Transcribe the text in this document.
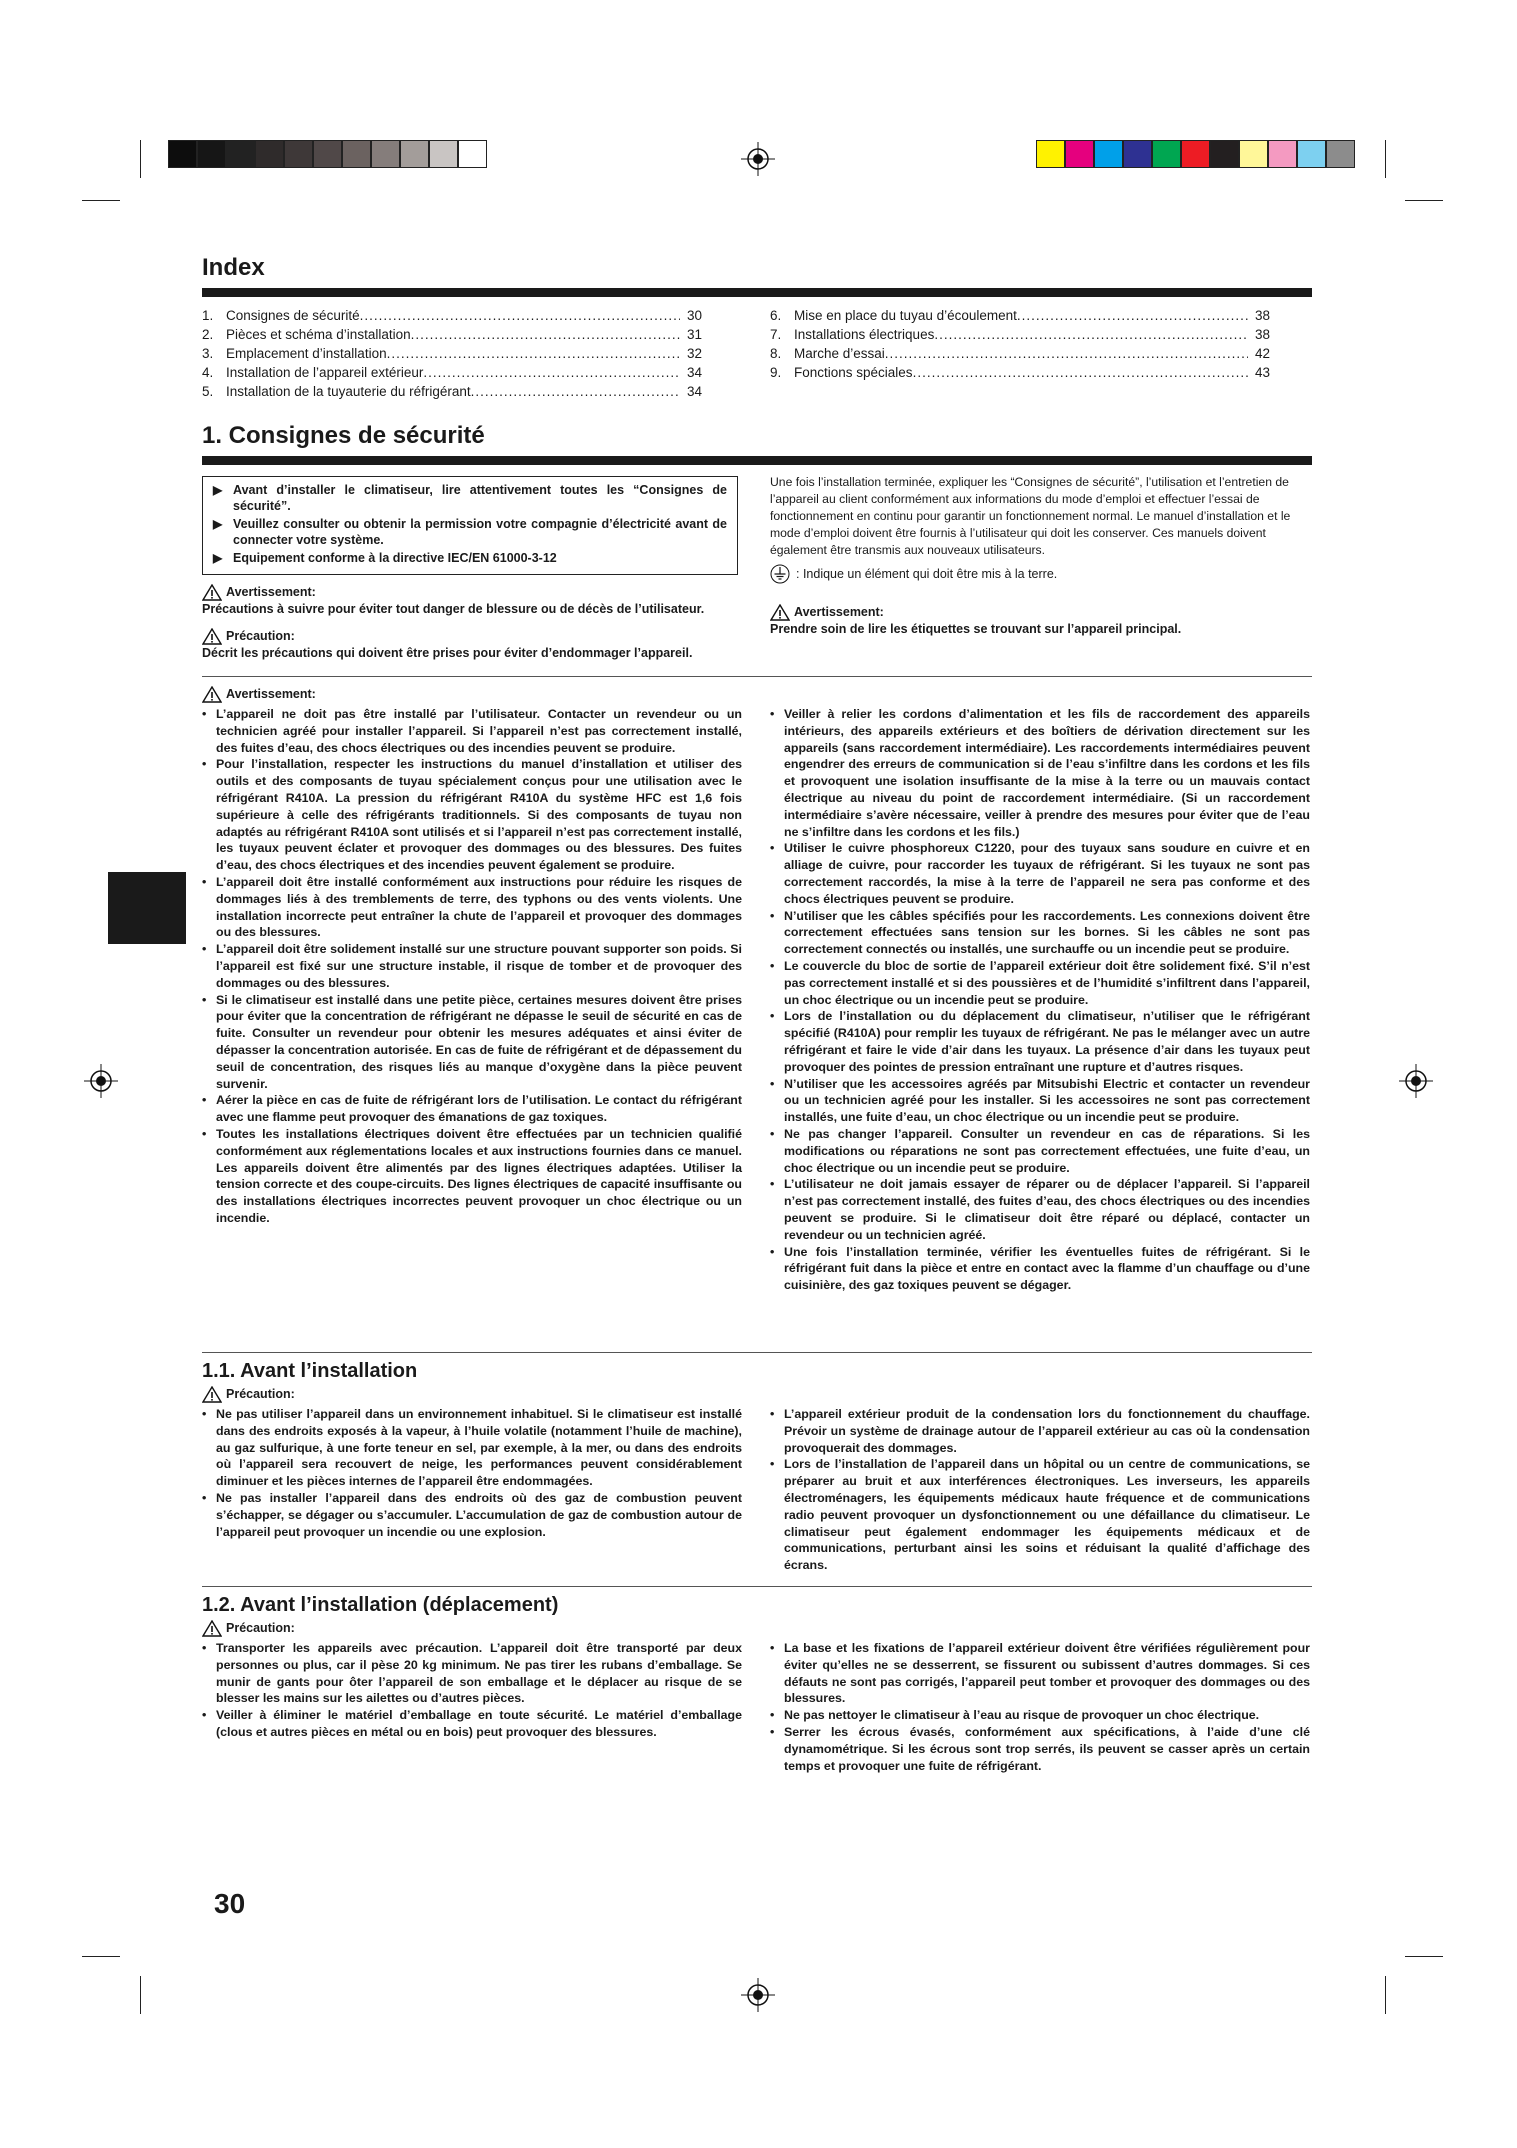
Index
1. Consignes de sécurité .....	30
2. Pièces et schéma d’installation .....	31
3. Emplacement d’installation .....	32
4. Installation de l’appareil extérieur .....	34
5. Installation de la tuyauterie du réfrigérant .....	34
6. Mise en place du tuyau d’écoulement .....	38
7. Installations électriques .....	38
8. Marche d’essai .....	42
9. Fonctions spéciales .....	43
1. Consignes de sécurité
▶ Avant d’installer le climatiseur, lire attentivement toutes les “Consignes de sécurité”.
▶ Veuillez consulter ou obtenir la permission votre compagnie d’électricité avant de connecter votre système.
▶ Equipement conforme à la directive IEC/EN 61000-3-12
Avertissement:
Précautions à suivre pour éviter tout danger de blessure ou de décès de l’utilisateur.
Précaution:
Décrit les précautions qui doivent être prises pour éviter d’endommager l’appareil.
Une fois l’installation terminée, expliquer les “Consignes de sécurité”, l’utilisation et l’entretien de l’appareil au client conformément aux informations du mode d’emploi et effectuer l’essai de fonctionnement en continu pour garantir un fonctionnement normal. Le manuel d’installation et le mode d’emploi doivent être fournis à l’utilisateur qui doit les conserver. Ces manuels doivent également être transmis aux nouveaux utilisateurs.
: Indique un élément qui doit être mis à la terre.
Avertissement:
Prendre soin de lire les étiquettes se trouvant sur l’appareil principal.
Avertissement:
• L’appareil ne doit pas être installé par l’utilisateur. Contacter un revendeur ou un technicien agréé pour installer l’appareil. Si l’appareil n’est pas correctement installé, des fuites d’eau, des chocs électriques ou des incendies peuvent se produire.
• Pour l’installation, respecter les instructions du manuel d’installation et utiliser des outils et des composants de tuyau spécialement conçus pour une utilisation avec le réfrigérant R410A. La pression du réfrigérant R410A du système HFC est 1,6 fois supérieure à celle des réfrigérants traditionnels. Si des composants de tuyau non adaptés au réfrigérant R410A sont utilisés et si l’appareil n’est pas correctement installé, les tuyaux peuvent éclater et provoquer des dommages ou des blessures. Des fuites d’eau, des chocs électriques et des incendies peuvent également se produire.
• L’appareil doit être installé conformément aux instructions pour réduire les risques de dommages liés à des tremblements de terre, des typhons ou des vents violents. Une installation incorrecte peut entraîner la chute de l’appareil et provoquer des dommages ou des blessures.
• L’appareil doit être solidement installé sur une structure pouvant supporter son poids. Si l’appareil est fixé sur une structure instable, il risque de tomber et de provoquer des dommages ou des blessures.
• Si le climatiseur est installé dans une petite pièce, certaines mesures doivent être prises pour éviter que la concentration de réfrigérant ne dépasse le seuil de sécurité en cas de fuite. Consulter un revendeur pour obtenir les mesures adéquates et ainsi éviter de dépasser la concentration autorisée. En cas de fuite de réfrigérant et de dépassement du seuil de concentration, des risques liés au manque d’oxygène dans la pièce peuvent survenir.
• Aérer la pièce en cas de fuite de réfrigérant lors de l’utilisation. Le contact du réfrigérant avec une flamme peut provoquer des émanations de gaz toxiques.
• Toutes les installations électriques doivent être effectuées par un technicien qualifié conformément aux réglementations locales et aux instructions fournies dans ce manuel. Les appareils doivent être alimentés par des lignes électriques adaptées. Utiliser la tension correcte et des coupe-circuits. Des lignes électriques de capacité insuffisante ou des installations électriques incorrectes peuvent provoquer un choc électrique ou un incendie.
• Veiller à relier les cordons d’alimentation et les fils de raccordement des appareils intérieurs, des appareils extérieurs et des boîtiers de dérivation directement sur les appareils (sans raccordement intermédiaire). Les raccordements intermédiaires peuvent engendrer des erreurs de communication si de l’eau s’infiltre dans les cordons et les fils et provoquent une isolation insuffisante de la mise à la terre ou un mauvais contact électrique au niveau du point de raccordement intermédiaire. (Si un raccordement intermédiaire s’avère nécessaire, veiller à prendre des mesures pour éviter que de l’eau ne s’infiltre dans les cordons et les fils.)
• Utiliser le cuivre phosphoreux C1220, pour des tuyaux sans soudure en cuivre et en alliage de cuivre, pour raccorder les tuyaux de réfrigérant. Si les tuyaux ne sont pas correctement raccordés, la mise à la terre de l’appareil ne sera pas conforme et des chocs électriques peuvent se produire.
• N’utiliser que les câbles spécifiés pour les raccordements. Les connexions doivent être correctement effectuées sans tension sur les bornes. Si les câbles ne sont pas correctement connectés ou installés, une surchauffe ou un incendie peut se produire.
• Le couvercle du bloc de sortie de l’appareil extérieur doit être solidement fixé. S’il n’est pas correctement installé et si des poussières et de l’humidité s’infiltrent dans l’appareil, un choc électrique ou un incendie peut se produire.
• Lors de l’installation ou du déplacement du climatiseur, n’utiliser que le réfrigérant spécifié (R410A) pour remplir les tuyaux de réfrigérant. Ne pas le mélanger avec un autre réfrigérant et faire le vide d’air dans les tuyaux. La présence d’air dans les tuyaux peut provoquer des pointes de pression entraînant une rupture et d’autres risques.
• N’utiliser que les accessoires agréés par Mitsubishi Electric et contacter un revendeur ou un technicien agréé pour les installer. Si les accessoires ne sont pas correctement installés, une fuite d’eau, un choc électrique ou un incendie peut se produire.
• Ne pas changer l’appareil. Consulter un revendeur en cas de réparations. Si les modifications ou réparations ne sont pas correctement effectuées, une fuite d’eau, un choc électrique ou un incendie peut se produire.
• L’utilisateur ne doit jamais essayer de réparer ou de déplacer l’appareil. Si l’appareil n’est pas correctement installé, des fuites d’eau, des chocs électriques ou des incendies peuvent se produire. Si le climatiseur doit être réparé ou déplacé, contacter un revendeur ou un technicien agréé.
• Une fois l’installation terminée, vérifier les éventuelles fuites de réfrigérant. Si le réfrigérant fuit dans la pièce et entre en contact avec la flamme d’un chauffage ou d’une cuisinière, des gaz toxiques peuvent se dégager.
1.1. Avant l’installation
Précaution:
• Ne pas utiliser l’appareil dans un environnement inhabituel. Si le climatiseur est installé dans des endroits exposés à la vapeur, à l’huile volatile (notamment l’huile de machine), au gaz sulfurique, à une forte teneur en sel, par exemple, à la mer, ou dans des endroits où l’appareil sera recouvert de neige, les performances peuvent considérablement diminuer et les pièces internes de l’appareil être endommagées.
• Ne pas installer l’appareil dans des endroits où des gaz de combustion peuvent s’échapper, se dégager ou s’accumuler. L’accumulation de gaz de combustion autour de l’appareil peut provoquer un incendie ou une explosion.
• L’appareil extérieur produit de la condensation lors du fonctionnement du chauffage. Prévoir un système de drainage autour de l’appareil extérieur au cas où la condensation provoquerait des dommages.
• Lors de l’installation de l’appareil dans un hôpital ou un centre de communications, se préparer au bruit et aux interférences électroniques. Les inverseurs, les appareils électroménagers, les équipements médicaux haute fréquence et de communications radio peuvent provoquer un dysfonctionnement ou une défaillance du climatiseur. Le climatiseur peut également endommager les équipements médicaux et de communications, perturbant ainsi les soins et réduisant la qualité d’affichage des écrans.
1.2. Avant l’installation (déplacement)
Précaution:
• Transporter les appareils avec précaution. L’appareil doit être transporté par deux personnes ou plus, car il pèse 20 kg minimum. Ne pas tirer les rubans d’emballage. Se munir de gants pour ôter l’appareil de son emballage et le déplacer au risque de se blesser les mains sur les ailettes ou d’autres pièces.
• Veiller à éliminer le matériel d’emballage en toute sécurité. Le matériel d’emballage (clous et autres pièces en métal ou en bois) peut provoquer des blessures.
• La base et les fixations de l’appareil extérieur doivent être vérifiées régulièrement pour éviter qu’elles ne se desserrent, se fissurent ou subissent d’autres dommages. Si ces défauts ne sont pas corrigés, l’appareil peut tomber et provoquer des dommages ou des blessures.
• Ne pas nettoyer le climatiseur à l’eau au risque de provoquer un choc électrique.
• Serrer les écrous évasés, conformément aux spécifications, à l’aide d’une clé dynamométrique. Si les écrous sont trop serrés, ils peuvent se casser après un certain temps et provoquer une fuite de réfrigérant.
30
